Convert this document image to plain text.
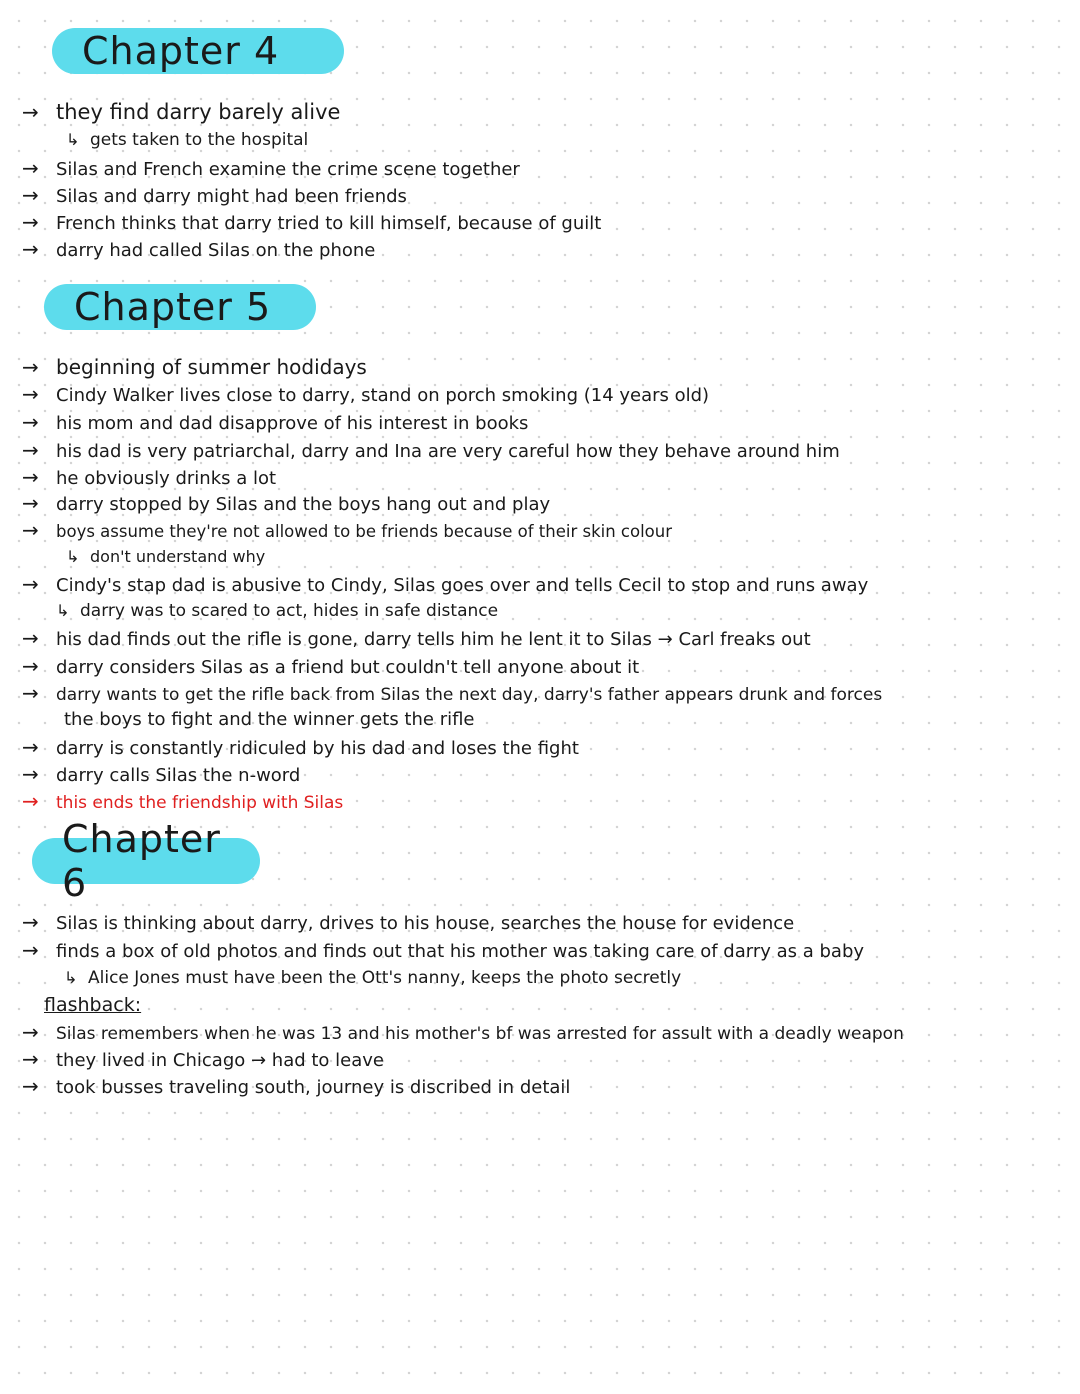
Chapter 4
→ they find darry barely alive
↳ gets taken to the hospital
→ Silas and French examine the crime scene together
→ Silas and darry might had been friends
→ French thinks that darry tried to kill himself, because of guilt
→ darry had called Silas on the phone
Chapter 5
→ beginning of summer hodidays
→ Cindy Walker lives close to darry, stand on porch smoking (14 years old)
→ his mom and dad disapprove of his interest in books
→ his dad is very patriarchal, darry and Ina are very careful how they behave around him
→ he obviously drinks a lot
→ darry stopped by Silas and the boys hang out and play
→ boys assume they're not allowed to be friends because of their skin colour
↳ don't understand why
→ Cindy's stap dad is abusive to Cindy, Silas goes over and tells Cecil to stop and runs away
↳ darry was to scared to act, hides in safe distance
→ his dad finds out the rifle is gone, darry tells him he lent it to Silas → Carl freaks out
→ darry considers Silas as a friend but couldn't tell anyone about it
→ darry wants to get the rifle back from Silas the next day, darry's father appears drunk and forces
the boys to fight and the winner gets the rifle
→ darry is constantly ridiculed by his dad and loses the fight
→ darry calls Silas the n-word
→ this ends the friendship with Silas
Chapter 6
→ Silas is thinking about darry, drives to his house, searches the house for evidence
→ finds a box of old photos and finds out that his mother was taking care of darry as a baby
↳ Alice Jones must have been the Ott's nanny, keeps the photo secretly
flashback:
→ Silas remembers when he was 13 and his mother's bf was arrested for assult with a deadly weapon
→ they lived in Chicago → had to leave
→ took busses traveling south, journey is discribed in detail
